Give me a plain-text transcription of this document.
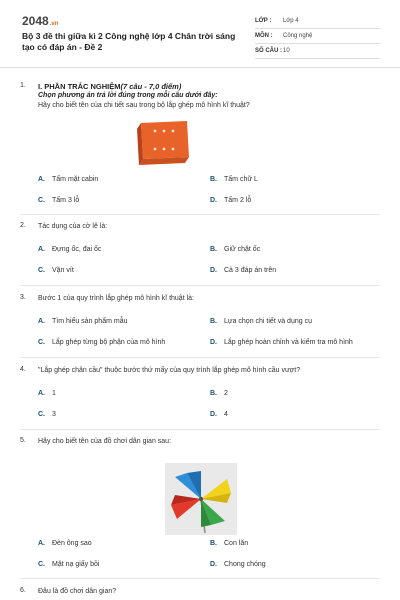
2048.vn
Bộ 3 đề thi giữa kì 2 Công nghệ lớp 4 Chân trời sáng tạo có đáp án - Đề 2
LỚP :	Lớp 4
MÔN :	Công nghệ
SỐ CÂU : 10
1. I. PHẦN TRẮC NGHIỆM(7 câu - 7,0 điểm)
Chọn phương án trả lời đúng trong mỗi câu dưới đây:
Hãy cho biết tên của chi tiết sau trong bộ lắp ghép mô hình kĩ thuật?
A. Tấm mặt cabin	B. Tấm chữ L
C. Tấm 3 lỗ	D. Tấm 2 lỗ
2. Tác dụng của cờ lê là:
A. Đựng ốc, đai ốc	B. Giữ chặt ốc
C. Vặn vít	D. Cả 3 đáp án trên
3. Bước 1 của quy trình lắp ghép mô hình kĩ thuật là:
A. Tìm hiểu sản phẩm mẫu	B. Lựa chọn chi tiết và dụng cụ
C. Lắp ghép từng bộ phận của mô hình	D. Lắp ghép hoàn chỉnh và kiểm tra mô hình
4. "Lắp ghép chân cầu" thuộc bước thứ mấy của quy trình lắp ghép mô hình cầu vượt?
A. 1	B. 2
C. 3	D. 4
5. Hãy cho biết tên của đồ chơi dân gian sau:
A. Đèn ông sao	B. Con lăn
C. Mặt nạ giấy bồi	D. Chong chóng
6. Đâu là đồ chơi dân gian?
